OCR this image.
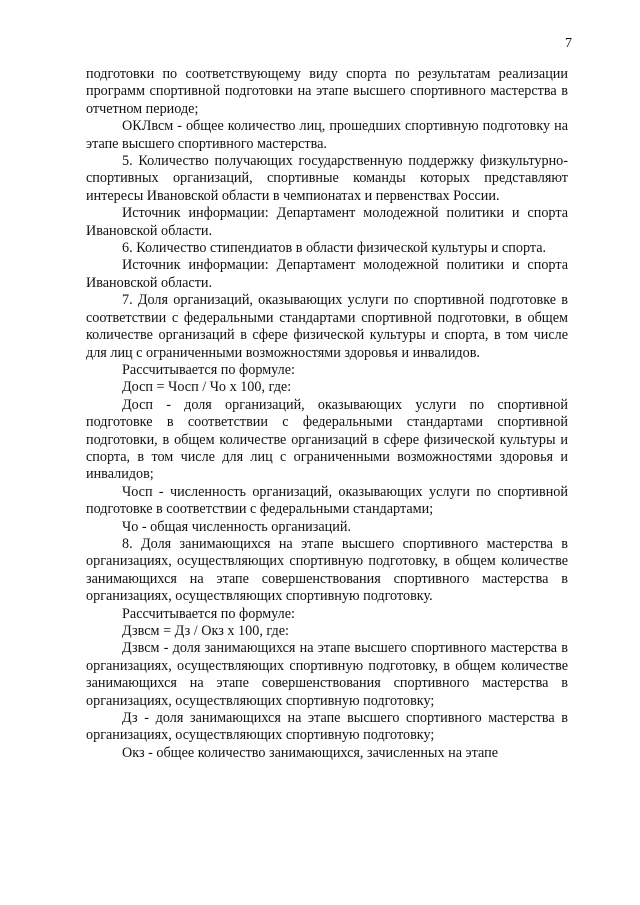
7

подготовки по соответствующему виду спорта по результатам реализации программ спортивной подготовки на этапе высшего спортивного мастерства в отчетном периоде;

ОКЛвсм - общее количество лиц, прошедших спортивную подготовку на этапе высшего спортивного мастерства.

5. Количество получающих государственную поддержку физкультурно-спортивных организаций, спортивные команды которых представляют интересы Ивановской области в чемпионатах и первенствах России.

Источник информации: Департамент молодежной политики и спорта Ивановской области.

6. Количество стипендиатов в области физической культуры и спорта.

Источник информации: Департамент молодежной политики и спорта Ивановской области.

7. Доля организаций, оказывающих услуги по спортивной подготовке в соответствии с федеральными стандартами спортивной подготовки, в общем количестве организаций в сфере физической культуры и спорта, в том числе для лиц с ограниченными возможностями здоровья и инвалидов.

Рассчитывается по формуле:

Досп = Чосп / Чо х 100, где:

Досп - доля организаций, оказывающих услуги по спортивной подготовке в соответствии с федеральными стандартами спортивной подготовки, в общем количестве организаций в сфере физической культуры и спорта, в том числе для лиц с ограниченными возможностями здоровья и инвалидов;

Чосп - численность организаций, оказывающих услуги по спортивной подготовке в соответствии с федеральными стандартами;

Чо - общая численность организаций.

8. Доля занимающихся на этапе высшего спортивного мастерства в организациях, осуществляющих спортивную подготовку, в общем количестве занимающихся на этапе совершенствования спортивного мастерства в организациях, осуществляющих спортивную подготовку.

Рассчитывается по формуле:

Дзвсм = Дз / Окз х 100, где:

Дзвсм - доля занимающихся на этапе высшего спортивного мастерства в организациях, осуществляющих спортивную подготовку, в общем количестве занимающихся на этапе совершенствования спортивного мастерства в организациях, осуществляющих спортивную подготовку;

Дз - доля занимающихся на этапе высшего спортивного мастерства в организациях, осуществляющих спортивную подготовку;

Окз - общее количество занимающихся, зачисленных на этапе
